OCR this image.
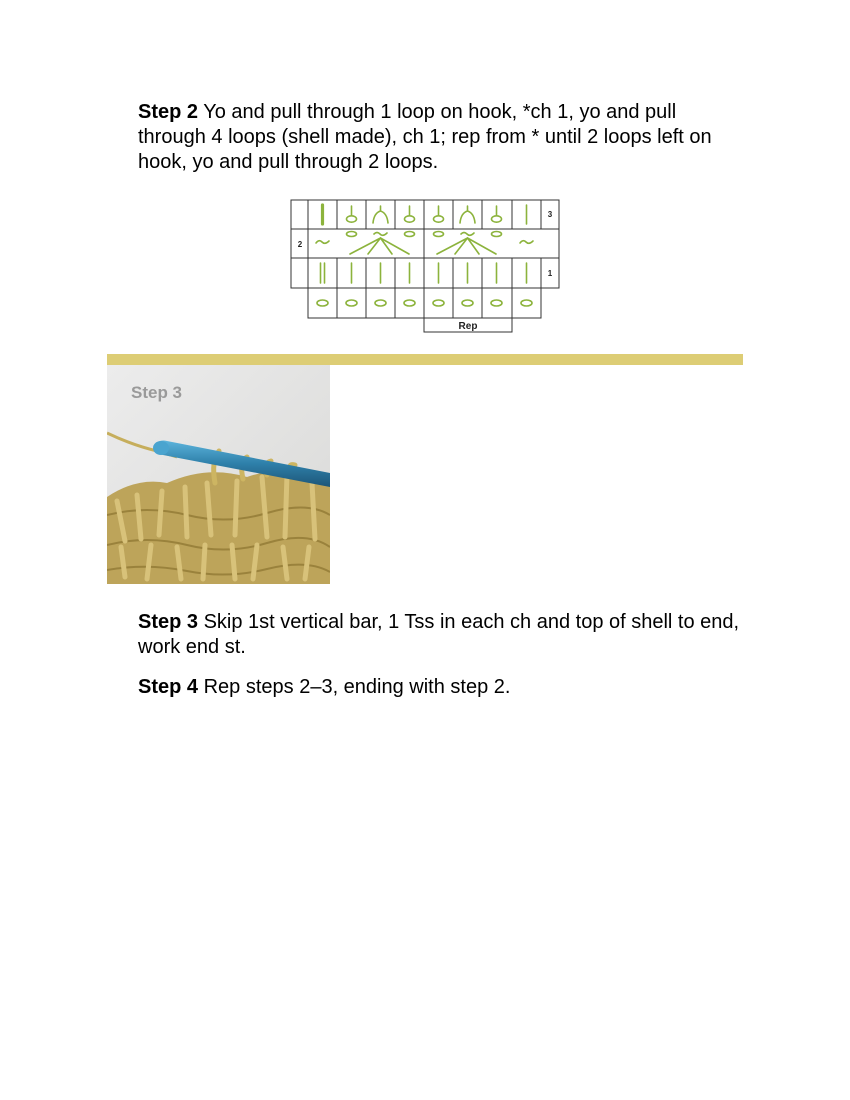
Step 2 Yo and pull through 1 loop on hook, *ch 1, yo and pull through 4 loops (shell made), ch 1; rep from * until 2 loops left on hook, yo and pull through 2 loops.

3
2
1
Rep
Step 3

Step 3 Skip 1st vertical bar, 1 Tss in each ch and top of shell to end, work end st.

Step 4 Rep steps 2–3, ending with step 2.
